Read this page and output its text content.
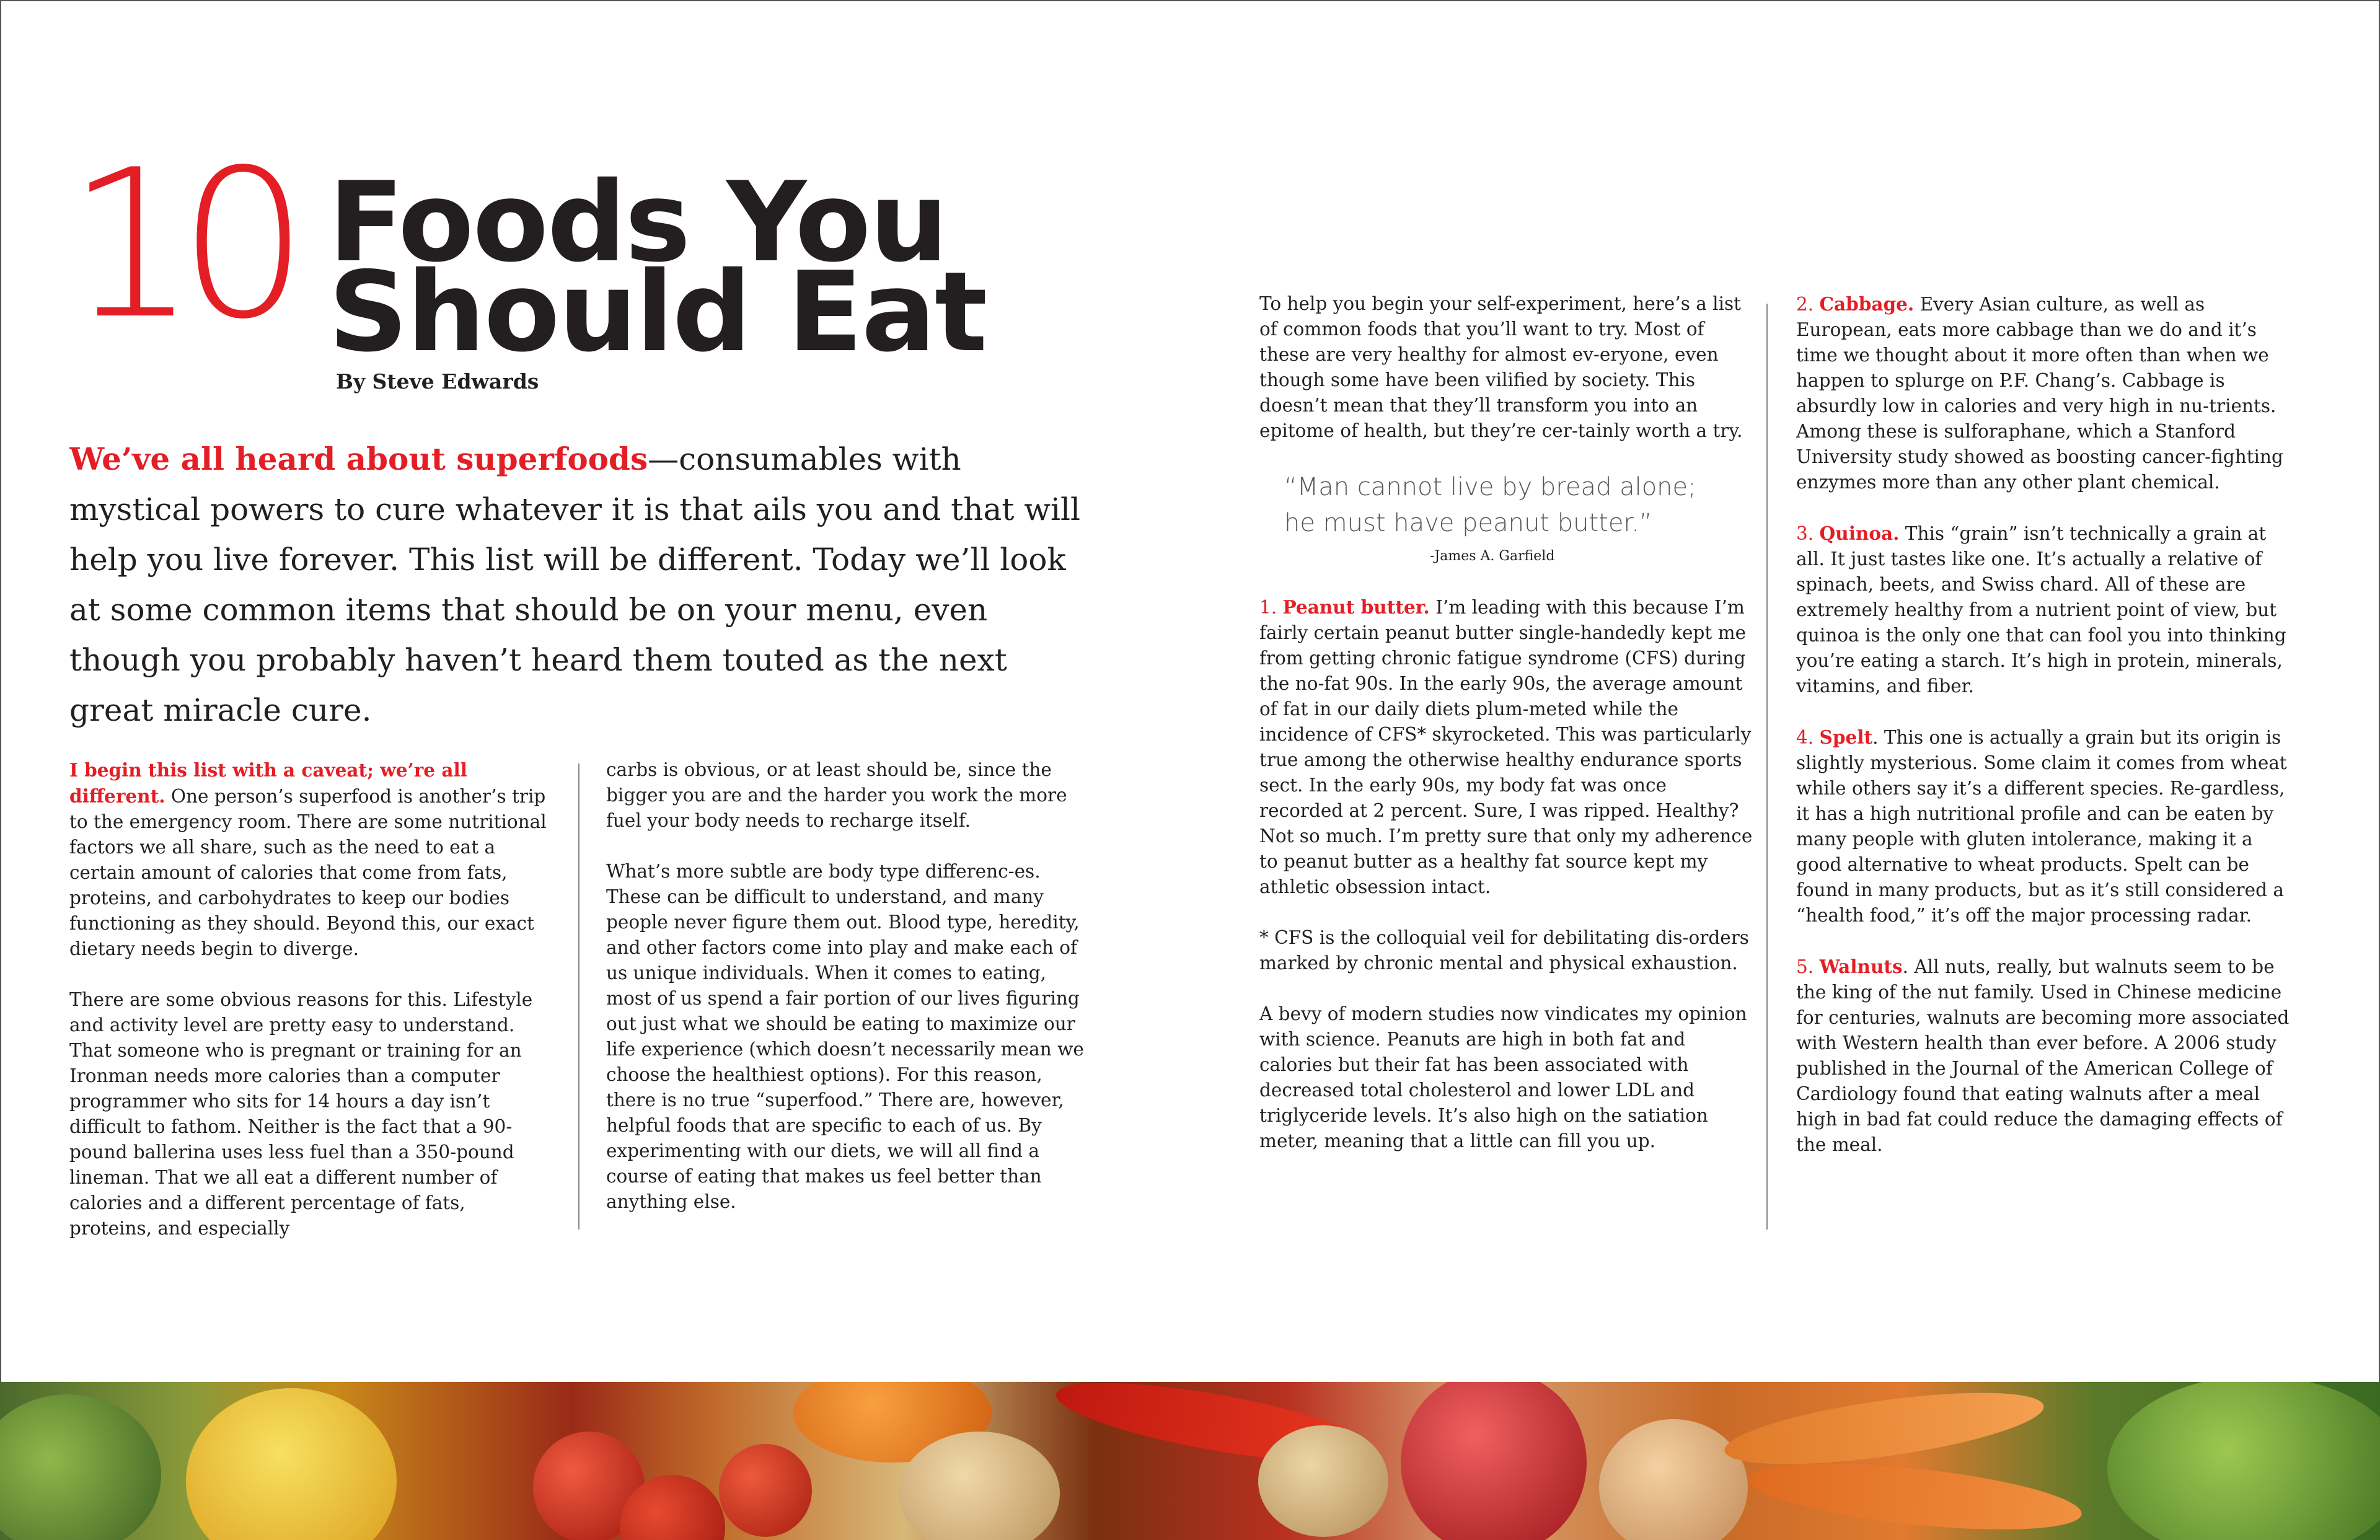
10 Foods You
Should Eat
By Steve Edwards
We’ve all heard about superfoods—consumables with mystical powers to cure whatever it is that ails you and that will help you live forever. This list will be different. Today we’ll look at some common items that should be on your menu, even though you probably haven’t heard them touted as the next great miracle cure.

I begin this list with a caveat; we’re all different. One person’s superfood is another’s trip to the emergency room. There are some nutritional factors we all share, such as the need to eat a certain amount of calories that come from fats, proteins, and carbohydrates to keep our bodies functioning as they should. Beyond this, our exact dietary needs begin to diverge.

There are some obvious reasons for this. Lifestyle and activity level are pretty easy to understand. That someone who is pregnant or training for an Ironman needs more calories than a computer programmer who sits for 14 hours a day isn’t difficult to fathom. Neither is the fact that a 90-pound ballerina uses less fuel than a 350-pound lineman. That we all eat a different number of calories and a different percentage of fats, proteins, and especially

carbs is obvious, or at least should be, since the bigger you are and the harder you work the more fuel your body needs to recharge itself.

What’s more subtle are body type differenc-es. These can be difficult to understand, and many people never figure them out. Blood type, heredity, and other factors come into play and make each of us unique individuals. When it comes to eating, most of us spend a fair portion of our lives figuring out just what we should be eating to maximize our life experience (which doesn’t necessarily mean we choose the healthiest options). For this reason, there is no true “superfood.” There are, however, helpful foods that are specific to each of us. By experimenting with our diets, we will all find a course of eating that makes us feel better than anything else.

To help you begin your self-experiment, here’s a list of common foods that you’ll want to try. Most of these are very healthy for almost ev-eryone, even though some have been vilified by society. This doesn’t mean that they’ll transform you into an epitome of health, but they’re cer-tainly worth a try.

“Man cannot live by bread alone;
he must have peanut butter.”
-James A. Garfield

1. Peanut butter. I’m leading with this because I’m fairly certain peanut butter single-handedly kept me from getting chronic fatigue syndrome (CFS) during the no-fat 90s. In the early 90s, the average amount of fat in our daily diets plum-meted while the incidence of CFS* skyrocketed. This was particularly true among the otherwise healthy endurance sports sect. In the early 90s, my body fat was once recorded at 2 percent. Sure, I was ripped. Healthy? Not so much. I’m pretty sure that only my adherence to peanut butter as a healthy fat source kept my athletic obsession intact.

* CFS is the colloquial veil for debilitating dis-orders marked by chronic mental and physical exhaustion.

A bevy of modern studies now vindicates my opinion with science. Peanuts are high in both fat and calories but their fat has been associated with decreased total cholesterol and lower LDL and triglyceride levels. It’s also high on the satiation meter, meaning that a little can fill you up.

2. Cabbage. Every Asian culture, as well as European, eats more cabbage than we do and it’s time we thought about it more often than when we happen to splurge on P.F. Chang’s. Cabbage is absurdly low in calories and very high in nu-trients. Among these is sulforaphane, which a Stanford University study showed as boosting cancer-fighting enzymes more than any other plant chemical.

3. Quinoa. This “grain” isn’t technically a grain at all. It just tastes like one. It’s actually a relative of spinach, beets, and Swiss chard. All of these are extremely healthy from a nutrient point of view, but quinoa is the only one that can fool you into thinking you’re eating a starch. It’s high in protein, minerals, vitamins, and fiber.

4. Spelt. This one is actually a grain but its origin is slightly mysterious. Some claim it comes from wheat while others say it’s a different species. Re-gardless, it has a high nutritional profile and can be eaten by many people with gluten intolerance, making it a good alternative to wheat products. Spelt can be found in many products, but as it’s still considered a “health food,” it’s off the major processing radar.

5. Walnuts. All nuts, really, but walnuts seem to be the king of the nut family. Used in Chinese medicine for centuries, walnuts are becoming more associated with Western health than ever before. A 2006 study published in the Journal of the American College of Cardiology found that eating walnuts after a meal high in bad fat could reduce the damaging effects of the meal.
